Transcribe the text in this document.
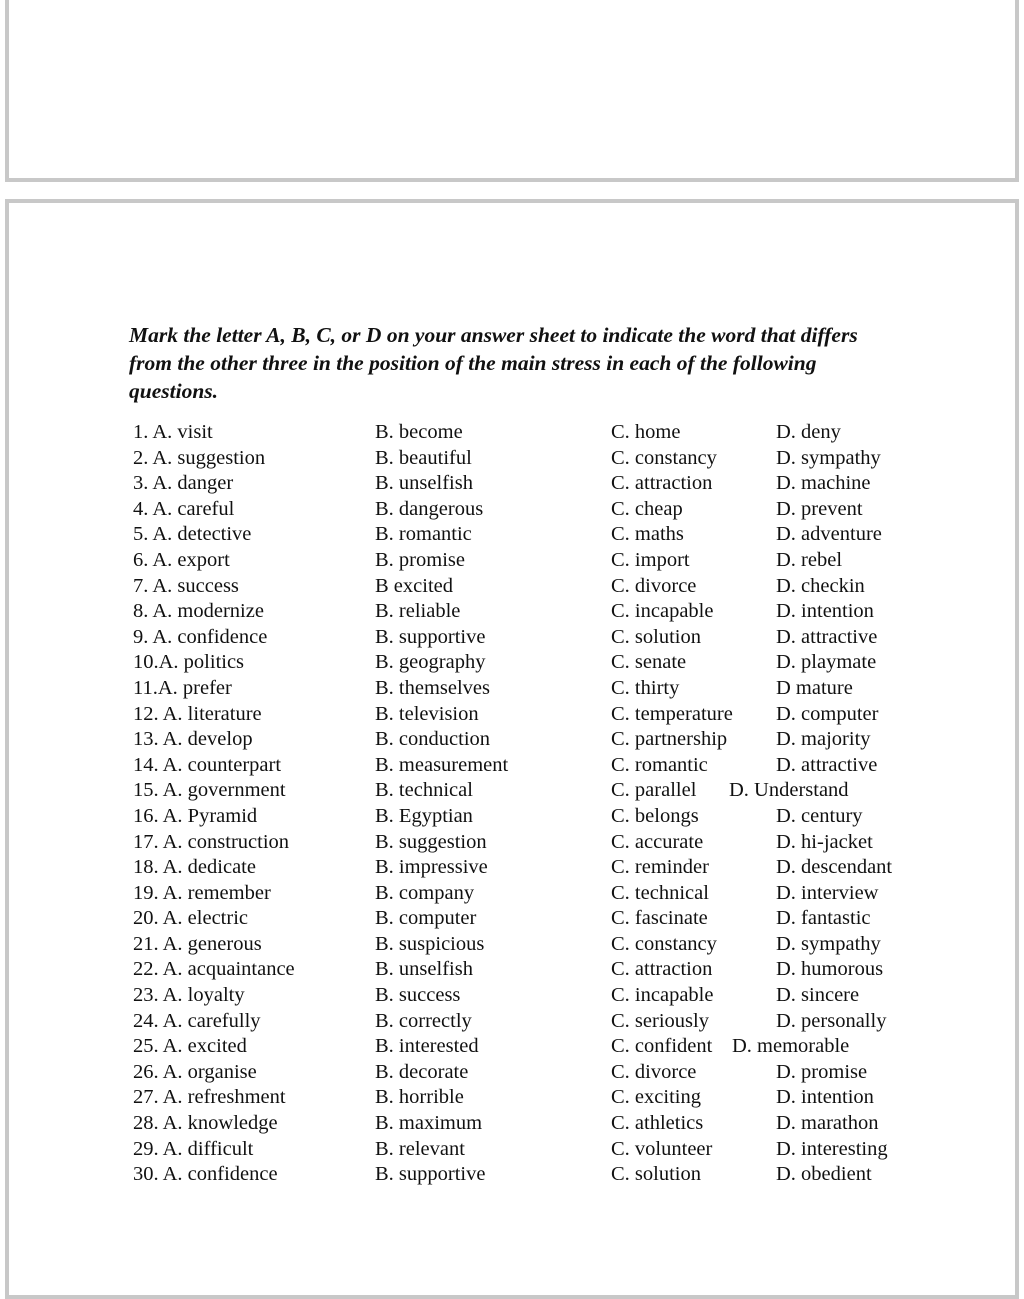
Mark the letter A, B, C, or D on your answer sheet to indicate the word that differs from the other three in the position of the main stress in each of the following questions.

1. A. visit	B. become	C. home	D. deny
2. A. suggestion	B. beautiful	C. constancy	D. sympathy
3. A. danger	B. unselfish	C. attraction	D. machine
4. A. careful	B. dangerous	C. cheap	D. prevent
5. A. detective	B. romantic	C. maths	D. adventure
6. A. export	B. promise	C. import	D. rebel
7. A. success	B excited	C. divorce	D. checkin
8. A. modernize	B. reliable	C. incapable	D. intention
9. A. confidence	B. supportive	C. solution	D. attractive
10.A. politics	B. geography	C. senate	D. playmate
11.A. prefer	B. themselves	C. thirty	D mature
12. A. literature	B. television	C. temperature D. computer
13. A. develop	B. conduction	C. partnership D. majority
14. A. counterpart	B. measurement	C. romantic	D. attractive
15. A. government	B. technical	C. parallel D. Understand
16. A. Pyramid	B. Egyptian	C. belongs	D. century
17. A. construction	B. suggestion	C. accurate	D. hi-jacket
18. A. dedicate	B. impressive	C. reminder	D. descendant
19. A. remember	B. company	C. technical	D. interview
20. A. electric	B. computer	C. fascinate	D. fantastic
21. A. generous	B. suspicious	C. constancy	D. sympathy
22. A. acquaintance	B. unselfish	C. attraction	D. humorous
23. A. loyalty	B. success	C. incapable	D. sincere
24. A. carefully	B. correctly	C. seriously	D. personally
25. A. excited	B. interested	C. confident D. memorable
26. A. organise	B. decorate	C. divorce	D. promise
27. A. refreshment	B. horrible	C. exciting	D. intention
28. A. knowledge	B. maximum	C. athletics	D. marathon
29. A. difficult	B. relevant	C. volunteer	D. interesting
30. A. confidence	B. supportive	C. solution	D. obedient
